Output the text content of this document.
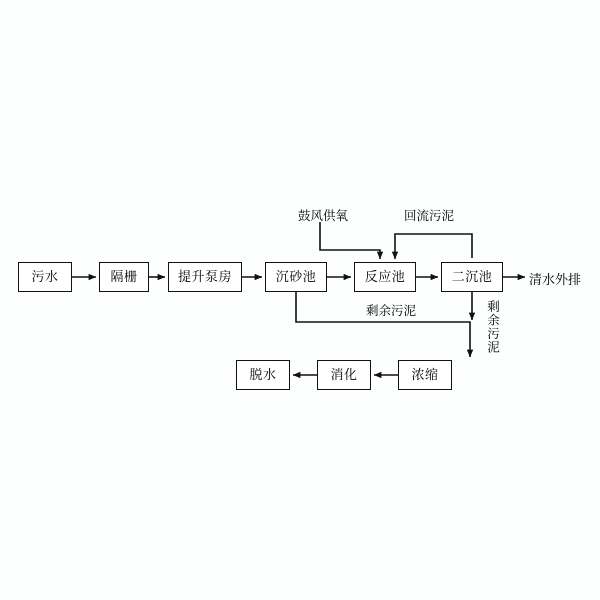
污水	隔栅	提升泵房	沉砂池	反应池	二沉池
脱水	消化	浓缩
鼓风供氧	回流污泥
剩余污泥	剩余污泥
清水外排
